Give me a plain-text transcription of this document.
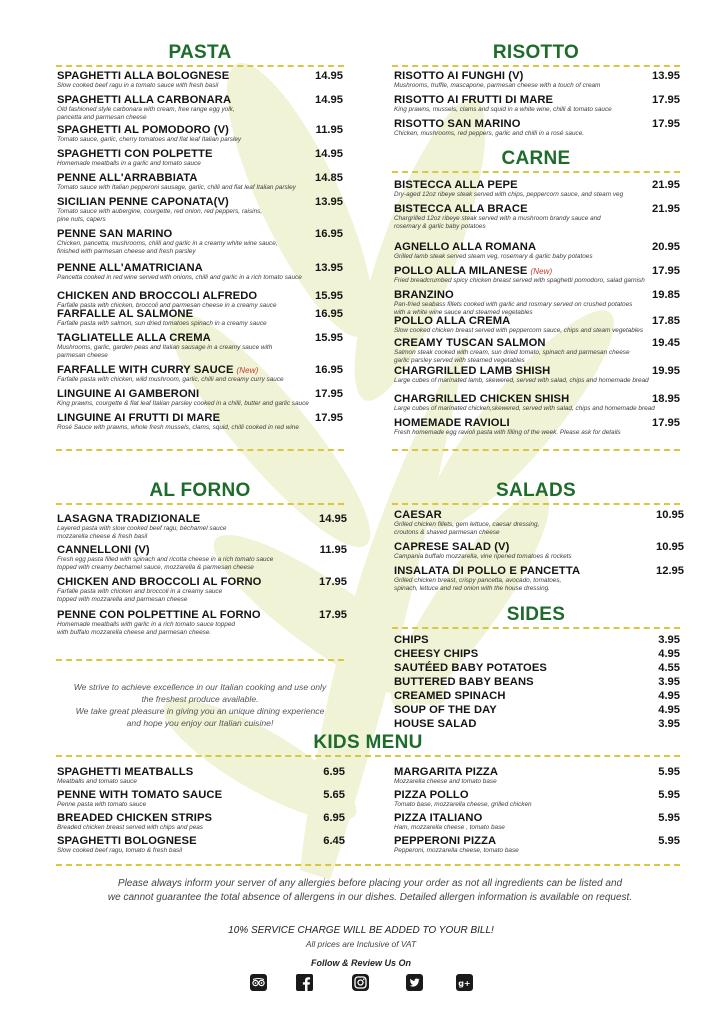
PASTA
SPAGHETTI ALLA BOLOGNESE	14.95
Slow cooked beef ragu in a tomato sauce with fresh basil
SPAGHETTI ALLA CARBONARA	14.95
Old fashioned style carbonara with cream, free range egg yolk,
pancetta and parmesan cheese
SPAGHETTI AL POMODORO (V)	11.95
Tomato sauce, garlic, cherry tomatoes and flat leaf Italian parsley
SPAGHETTI CON POLPETTE	14.95
Homemade meatballs in a garlic and tomato sauce
PENNE ALL'ARRABBIATA	14.85
Tomato sauce with Italian pepperoni sausage, garlic, chilli and flat leaf Italian parsley
SICILIAN PENNE CAPONATA(V)	13.95
Tomato sauce with aubergine, courgette, red onion, red peppers, raisins,
pine nuts, capers
PENNE SAN MARINO	16.95
Chicken, pancetta, mushrooms, chilli and garlic in a creamy white wine sauce,
finished with parmesan cheese and fresh parsley
PENNE ALL'AMATRICIANA	13.95
Pancetta cooked in red wine served with onions, chilli and garlic in a rich tomato sauce
CHICKEN AND BROCCOLI ALFREDO	15.95
Farfalle pasta with chicken, broccoli and parmesan cheese in a creamy sauce
FARFALLE AL SALMONE	16.95
Farfalle pasta with salmon, sun dried tomatoes spinach in a creamy sauce
TAGLIATELLE ALLA CREMA	15.95
Mushrooms, garlic, garden peas and Italian sausage in a creamy sauce with
parmesan cheese
FARFALLE WITH CURRY SAUCE (New)	16.95
Farfalle pasta with chicken, wild mushroom, garlic, chilli and creamy curry sauce
LINGUINE AI GAMBERONI	17.95
King prawns, courgette & flat leaf Italian parsley cooked in a chilli, butter and garlic sauce
LINGUINE AI FRUTTI DI MARE	17.95
Rosé Sauce with prawns, whole fresh mussels, clams, squid, chilli cooked in red wine
RISOTTO
RISOTTO AI FUNGHI (V)	13.95
Mushrooms, truffle, mascapone, parmesan cheese with a touch of cream
RISOTTO AI FRUTTI DI MARE	17.95
King prawns, mussels, clams and squid in a white wine, chilli & tomato sauce
RISOTTO SAN MARINO	17.95
Chicken, mushrooms, red peppers, garlic and chilli in a rosé sauce.
CARNE
BISTECCA ALLA PEPE	21.95
Dry-aged 12oz ribeye steak served with chips, peppercorn sauce, and steam veg
BISTECCA ALLA BRACE	21.95
Chargrilled 12oz ribeye steak served with a mushroom brandy sauce and
rosemary & garlic baby potatoes
AGNELLO ALLA ROMANA	20.95
Grilled lamb steak served steam veg, rosemary & garlic baby potatoes
POLLO ALLA MILANESE (New)	17.95
Fried breadcrumbed spicy chicken breast served with spaghetti pomodoro, salad garnish
BRANZINO	19.85
Pan-fried seabass fillets cooked with garlic and rosmary served on crushed potatoes
with a white wine sauce and steamed vegetables
POLLO ALLA CREMA	17.85
Slow cooked chicken breast served with peppercorn sauce, chips and steam vegetables
CREAMY TUSCAN SALMON	19.45
Salmon steak cooked with cream, sun dried tomato, spinach and parmesan cheese
garlic parsley served with steamed vegetables
CHARGRILLED LAMB SHISH	19.95
Large cubes of marinated lamb, skewered, served with salad, chips and homemade bread
CHARGRILLED CHICKEN SHISH	18.95
Large cubes of marinated chicken,skewered, served with salad, chips and homemade bread
HOMEMADE RAVIOLI	17.95
Fresh homemade egg ravioli pasta with filling of the week. Please ask for details
AL FORNO
LASAGNA TRADIZIONALE	14.95
Layered pasta with slow cooked beef ragu, béchamel sauce
mozzarella cheese & fresh basil
CANNELLONI (V)	11.95
Fresh egg pasta filled with spinach and ricotta cheese in a rich tomato sauce
topped with creamy bechamel sauce, mozzarella & parmesan cheese
CHICKEN AND BROCCOLI AL FORNO	17.95
Farfalle pasta with chicken and broccoli in a creamy sauce
topped with mozzarella and parmesan cheese
PENNE CON POLPETTINE AL FORNO	17.95
Homemade meatballs with garlic in a rich tomato sauce topped
with buffalo mozzarella cheese and parmesan cheese.
We strive to achieve excellence in our Italian cooking and use only
the freshest produce available.
We take great pleasure in giving you an unique dining experience
and hope you enjoy our Italian cuisine!
SALADS
CAESAR	10.95
Grilled chicken fillets, gem lettuce, caesar dressing,
croutons & shaved parmesan cheese
CAPRESE SALAD (V)	10.95
Campania buffalo mozzarella, vine ripened tomatoes & rockets
INSALATA DI POLLO E PANCETTA	12.95
Grilled chicken breast, crispy pancetta, avocado, tomatoes,
spinach, lettuce and red onion with the house dressing.
SIDES
CHIPS	3.95
CHEESY CHIPS	4.95
SAUTÉED BABY POTATOES	4.55
BUTTERED BABY BEANS	3.95
CREAMED SPINACH	4.95
SOUP OF THE DAY	4.95
HOUSE SALAD	3.95
KIDS MENU
SPAGHETTI MEATBALLS	6.95
Meatballs and tomato sauce
PENNE WITH TOMATO SAUCE	5.65
Penne pasta with tomato sauce
BREADED CHICKEN STRIPS	6.95
Breaded chicken breast served with chips and peas
SPAGHETTI BOLOGNESE	6.45
Slow cooked beef ragu, tomato & fresh basil
MARGARITA PIZZA	5.95
Mozzarella cheese and tomato base
PIZZA POLLO	5.95
Tomato base, mozzarella cheese, grilled chicken
PIZZA ITALIANO	5.95
Ham, mozzarella cheese , tomato base
PEPPERONI PIZZA	5.95
Pepperoni, mozzarella cheese, tomato base
Please always inform your server of any allergies before placing your order as not all ingredients can be listed and
we cannot guarantee the total absence of allergens in our dishes. Detailed allergen information is available on request.
10% SERVICE CHARGE WILL BE ADDED TO YOUR BILL!
All prices are Inclusive of VAT
Follow & Review Us On
g+
